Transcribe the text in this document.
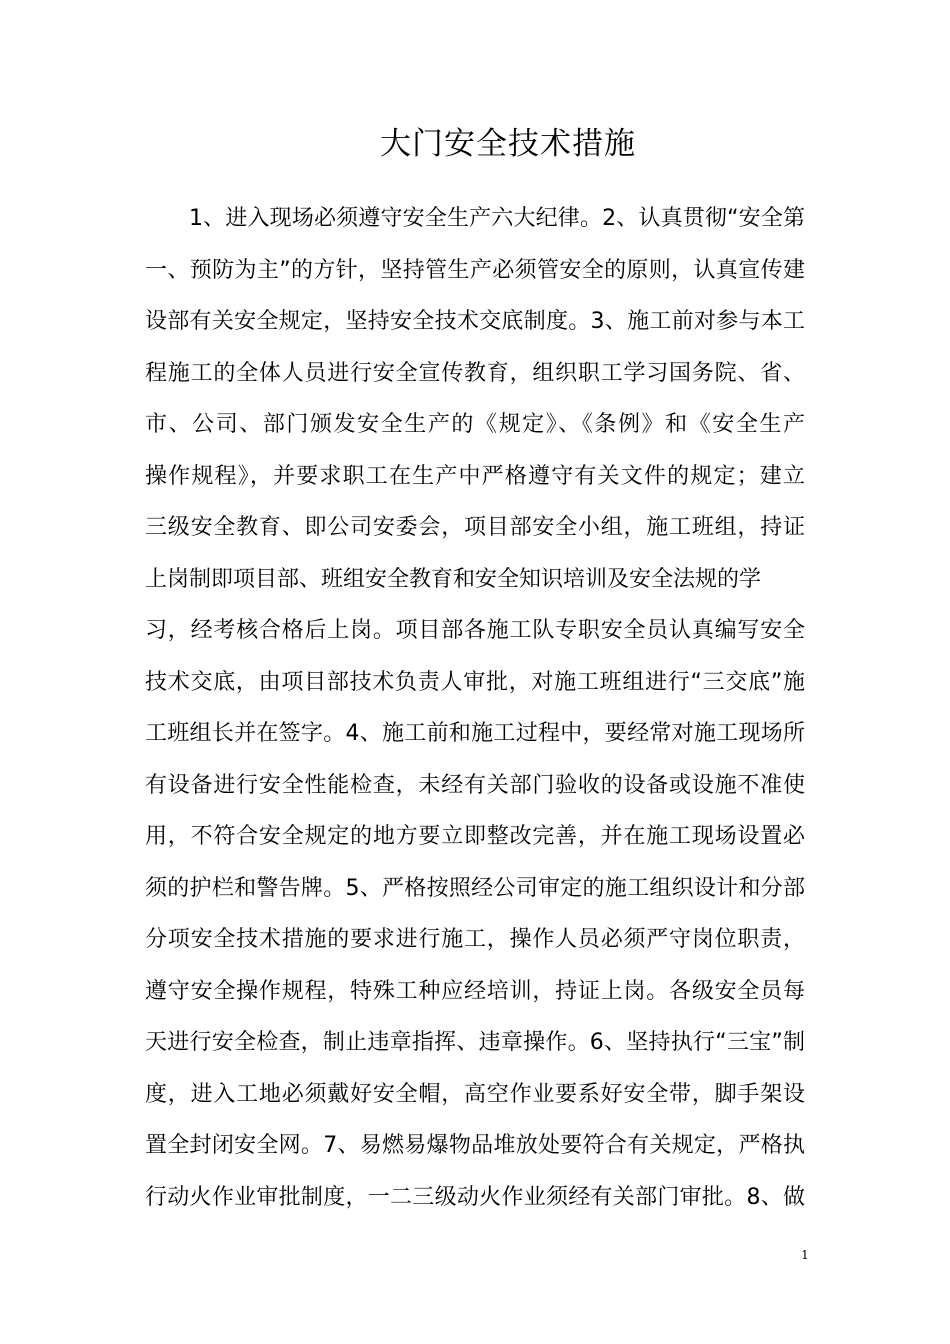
大门安全技术措施
1、进入现场必须遵守安全生产六大纪律。2、认真贯彻“安全第
一、预防为主”的方针，坚持管生产必须管安全的原则，认真宣传建
设部有关安全规定，坚持安全技术交底制度。3、施工前对参与本工
程施工的全体人员进行安全宣传教育，组织职工学习国务院、省、
市、公司、部门颁发安全生产的《规定》、《条例》和《安全生产
操作规程》，并要求职工在生产中严格遵守有关文件的规定；建立
三级安全教育、即公司安委会，项目部安全小组，施工班组，持证
上岗制即项目部、班组安全教育和安全知识培训及安全法规的学
习，经考核合格后上岗。项目部各施工队专职安全员认真编写安全
技术交底，由项目部技术负责人审批，对施工班组进行“三交底”施
工班组长并在签字。4、施工前和施工过程中，要经常对施工现场所
有设备进行安全性能检查，未经有关部门验收的设备或设施不准使
用，不符合安全规定的地方要立即整改完善，并在施工现场设置必
须的护栏和警告牌。5、严格按照经公司审定的施工组织设计和分部
分项安全技术措施的要求进行施工，操作人员必须严守岗位职责，
遵守安全操作规程，特殊工种应经培训，持证上岗。各级安全员每
天进行安全检查，制止违章指挥、违章操作。6、坚持执行“三宝”制
度，进入工地必须戴好安全帽，高空作业要系好安全带，脚手架设
置全封闭安全网。7、易燃易爆物品堆放处要符合有关规定，严格执
行动火作业审批制度，一二三级动火作业须经有关部门审批。8、做
1
